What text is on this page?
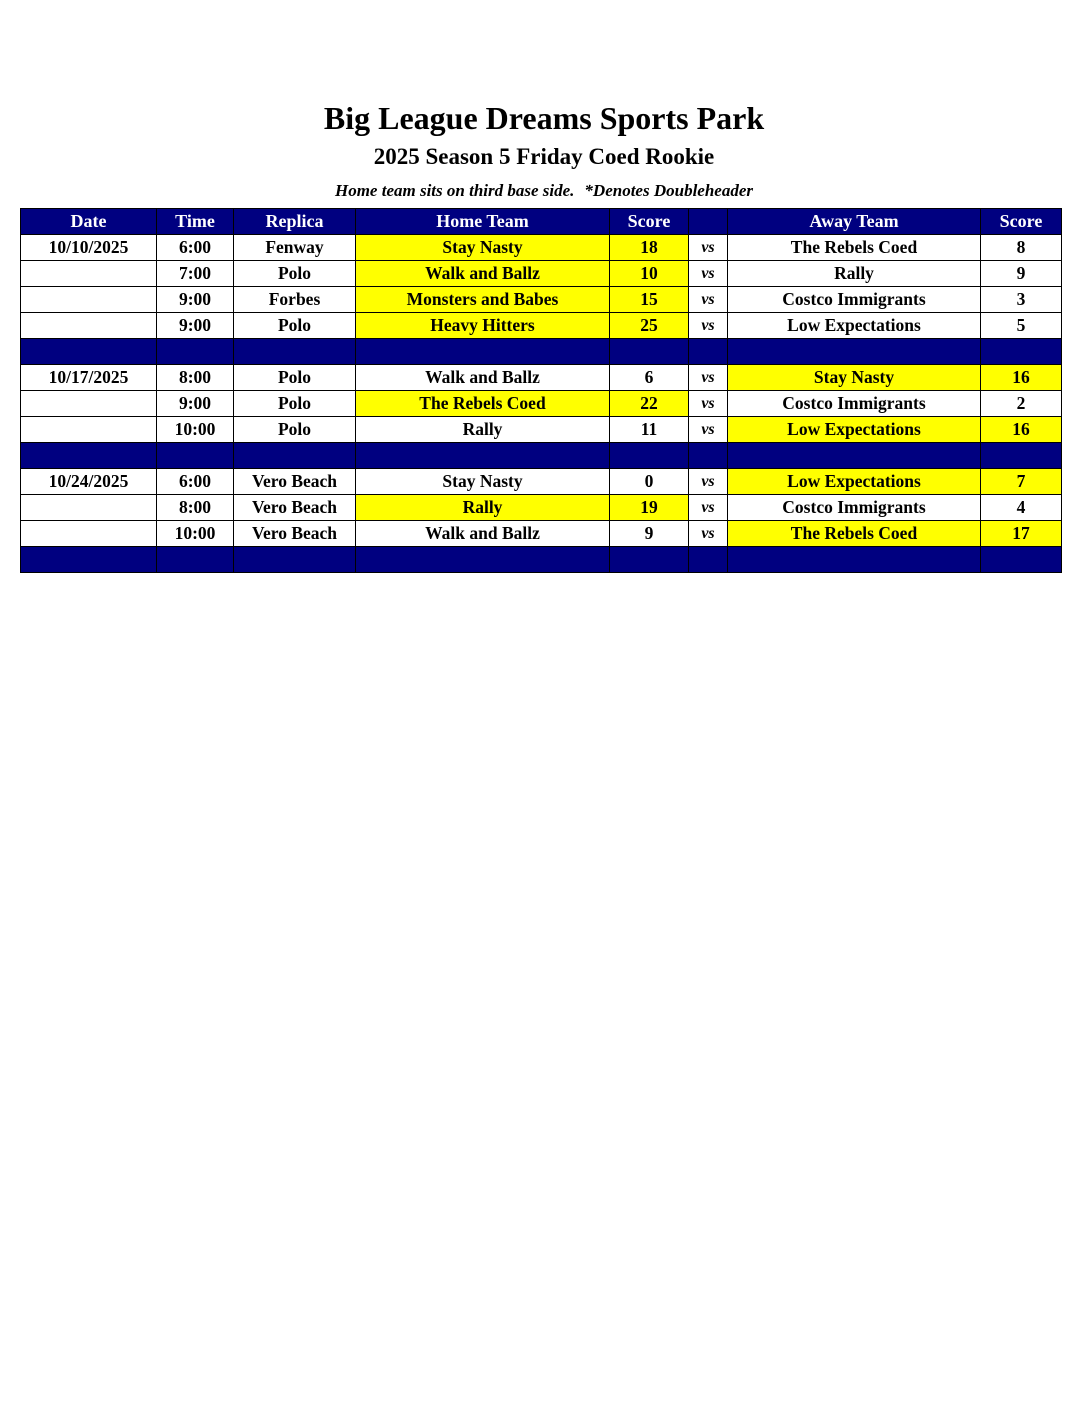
Big League Dreams Sports Park
2025 Season 5 Friday Coed Rookie
Home team sits on third base side. *Denotes Doubleheader
Date	Time	Replica	Home Team	Score		Away Team	Score
10/10/2025	6:00	Fenway	Stay Nasty	18	vs	The Rebels Coed	8
	7:00	Polo	Walk and Ballz	10	vs	Rally	9
	9:00	Forbes	Monsters and Babes	15	vs	Costco Immigrants	3
	9:00	Polo	Heavy Hitters	25	vs	Low Expectations	5

10/17/2025	8:00	Polo	Walk and Ballz	6	vs	Stay Nasty	16
	9:00	Polo	The Rebels Coed	22	vs	Costco Immigrants	2
	10:00	Polo	Rally	11	vs	Low Expectations	16

10/24/2025	6:00	Vero Beach	Stay Nasty	0	vs	Low Expectations	7
	8:00	Vero Beach	Rally	19	vs	Costco Immigrants	4
	10:00	Vero Beach	Walk and Ballz	9	vs	The Rebels Coed	17
